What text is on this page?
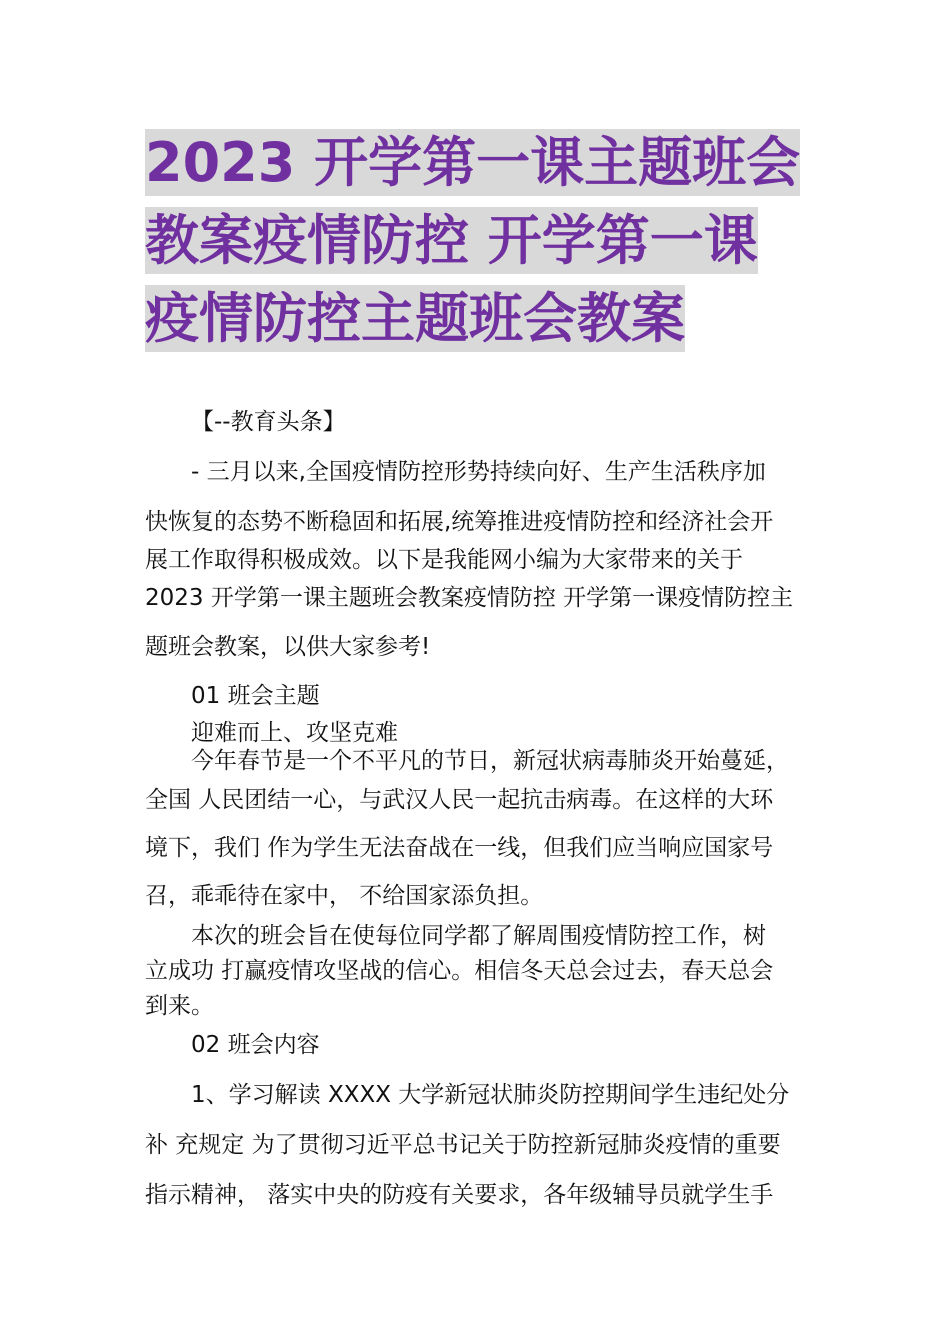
2023 开学第一课主题班会
教案疫情防控 开学第一课
疫情防控主题班会教案
【--教育头条】
- 三月以来,全国疫情防控形势持续向好、生产生活秩序加
快恢复的态势不断稳固和拓展,统筹推进疫情防控和经济社会开
展工作取得积极成效。以下是我能网小编为大家带来的关于
2023 开学第一课主题班会教案疫情防控 开学第一课疫情防控主
题班会教案，以供大家参考!
01 班会主题
迎难而上、攻坚克难
今年春节是一个不平凡的节日，新冠状病毒肺炎开始蔓延，
全国 人民团结一心，与武汉人民一起抗击病毒。在这样的大环
境下，我们 作为学生无法奋战在一线，但我们应当响应国家号
召，乖乖待在家中， 不给国家添负担。
本次的班会旨在使每位同学都了解周围疫情防控工作，树
立成功 打赢疫情攻坚战的信心。相信冬天总会过去，春天总会
到来。
02 班会内容
1、学习解读 XXXX 大学新冠状肺炎防控期间学生违纪处分
补 充规定 为了贯彻习近平总书记关于防控新冠肺炎疫情的重要
指示精神， 落实中央的防疫有关要求，各年级辅导员就学生手
